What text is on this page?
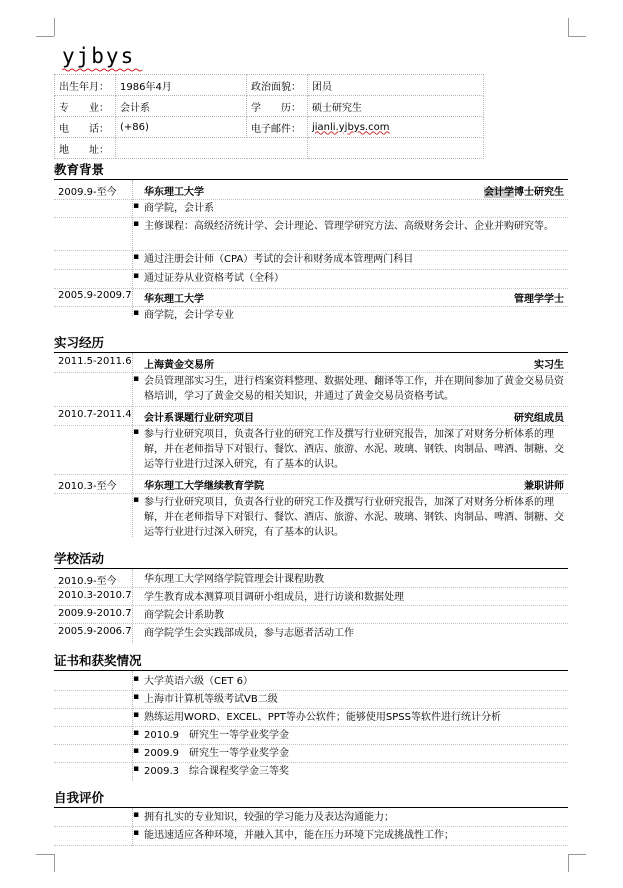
yjbys
出生年月：	1986年4月	政治面貌：	团员
专　　业：	会计系	学　　历：	硕士研究生
电　　话：	(+86)	电子邮件：	jianli.yjbys.com
地　　址：			
教育背景
2009.9-至今	华东理工大学	会计学博士研究生
▪ 商学院，会计系
▪ 主修课程：高级经济统计学、会计理论、管理学研究方法、高级财务会计、企业并购研究等。
▪ 通过注册会计师（CPA）考试的会计和财务成本管理两门科目
▪ 通过证券从业资格考试（全科）
2005.9-2009.7 华东理工大学	管理学学士
▪ 商学院，会计学专业
实习经历
2011.5-2011.6 上海黄金交易所	实习生
▪ 会员管理部实习生，进行档案资料整理、数据处理、翻译等工作，并在期间参加了黄金交易员资格培训，学习了黄金交易的相关知识，并通过了黄金交易员资格考试。
2010.7-2011.4 会计系课题行业研究项目	研究组成员
▪ 参与行业研究项目，负责各行业的研究工作及撰写行业研究报告，加深了对财务分析体系的理解，并在老师指导下对银行、餐饮、酒店、旅游、水泥、玻璃、钢铁、肉制品、啤酒、制糖、交运等行业进行过深入研究，有了基本的认识。
2010.3-至今	华东理工大学继续教育学院	兼职讲师
▪ 参与行业研究项目，负责各行业的研究工作及撰写行业研究报告，加深了对财务分析体系的理解，并在老师指导下对银行、餐饮、酒店、旅游、水泥、玻璃、钢铁、肉制品、啤酒、制糖、交运等行业进行过深入研究，有了基本的认识。
学校活动
2010.9-至今	华东理工大学网络学院管理会计课程助教
2010.3-2010.7 学生教育成本测算项目调研小组成员，进行访谈和数据处理
2009.9-2010.7 商学院会计系助教
2005.9-2006.7 商学院学生会实践部成员，参与志愿者活动工作
证书和获奖情况
▪ 大学英语六级（CET 6）
▪ 上海市计算机等级考试VB二级
▪ 熟练运用WORD、EXCEL、PPT等办公软件；能够使用SPSS等软件进行统计分析
▪ 2010.9　研究生一等学业奖学金
▪ 2009.9　研究生一等学业奖学金
▪ 2009.3　综合课程奖学金三等奖
自我评价
▪ 拥有扎实的专业知识，较强的学习能力及表达沟通能力；
▪ 能迅速适应各种环境，并融入其中，能在压力环境下完成挑战性工作；
